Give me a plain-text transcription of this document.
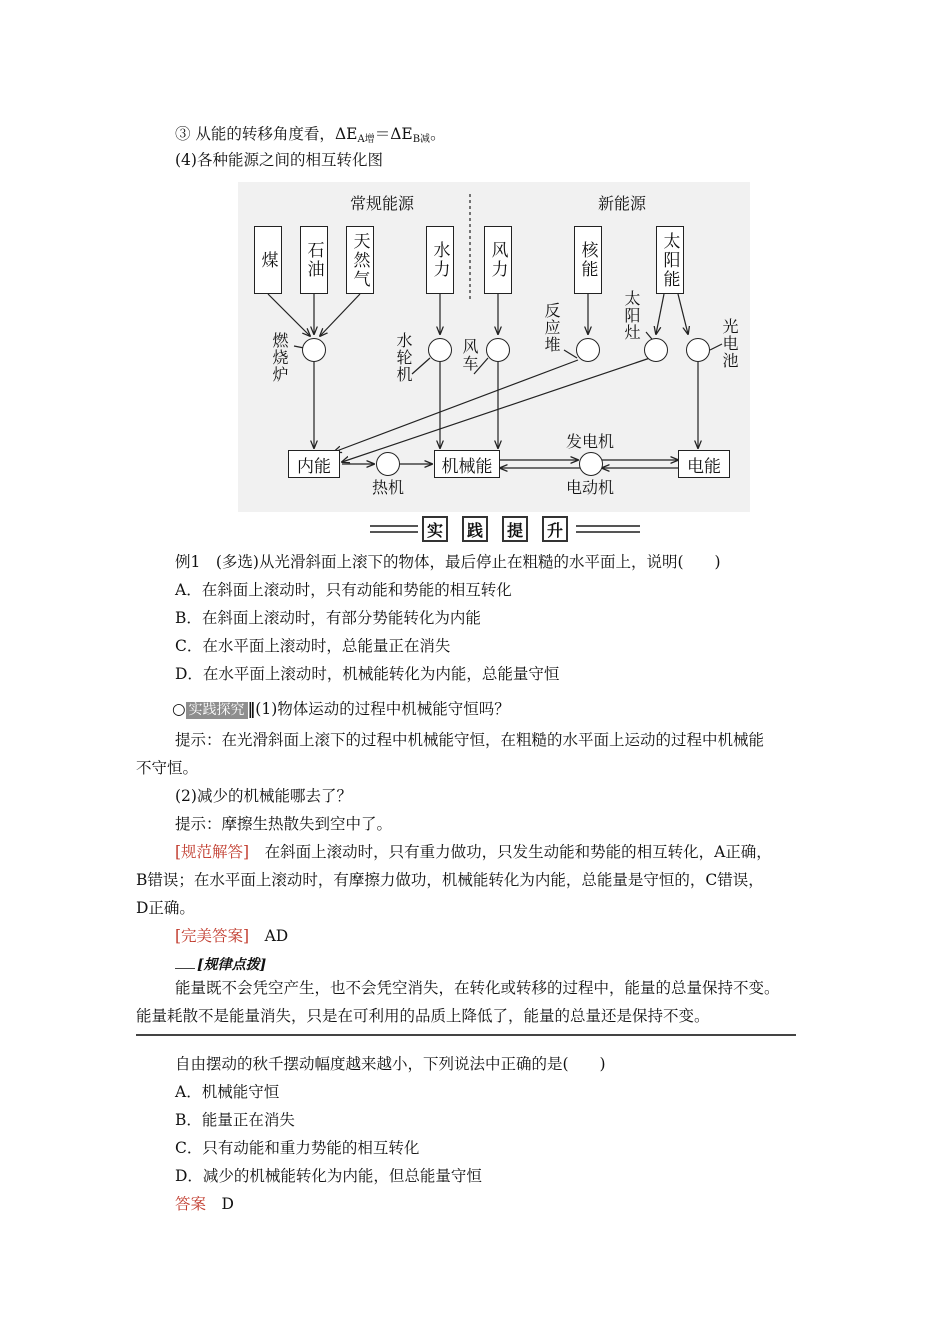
③ 从能的转移角度看，$\Delta E_{A增}=\Delta E_{B减}$。
(4)各种能源之间的相互转化图
常规能源	新能源
煤 石油 天然气	水力 风力	核能	太阳能
燃烧炉	水轮机	风车
反应堆	太阳灶
光电池
内能
热机
机械能
发电机
电动机
电能
实	践	提	升
例1　(多选)从光滑斜面上滚下的物体，最后停止在粗糙的水平面上，说明(　　)
A．在斜面上滚动时，只有动能和势能的相互转化
B．在斜面上滚动时，有部分势能转化为内能
C．在水平面上滚动时，总能量正在消失
D．在水平面上滚动时，机械能转化为内能，总能量守恒
○ 实践探究 ‖(1)物体运动的过程中机械能守恒吗？
提示：在光滑斜面上滚下的过程中机械能守恒，在粗糙的水平面上运动的过程中机械能
不守恒。
(2)减少的机械能哪去了？
提示：摩擦生热散失到空中了。
[规范解答]　在斜面上滚动时，只有重力做功，只发生动能和势能的相互转化，A正确，
B错误；在水平面上滚动时，有摩擦力做功，机械能转化为内能，总能量是守恒的，C错误，
D正确。
[完美答案]　AD
[规律点拨]
能量既不会凭空产生，也不会凭空消失，在转化或转移的过程中，能量的总量保持不变。
能量耗散不是能量消失，只是在可利用的品质上降低了，能量的总量还是保持不变。
自由摆动的秋千摆动幅度越来越小，下列说法中正确的是(　　)
A．机械能守恒
B．能量正在消失
C．只有动能和重力势能的相互转化
D．减少的机械能转化为内能，但总能量守恒
答案　D
